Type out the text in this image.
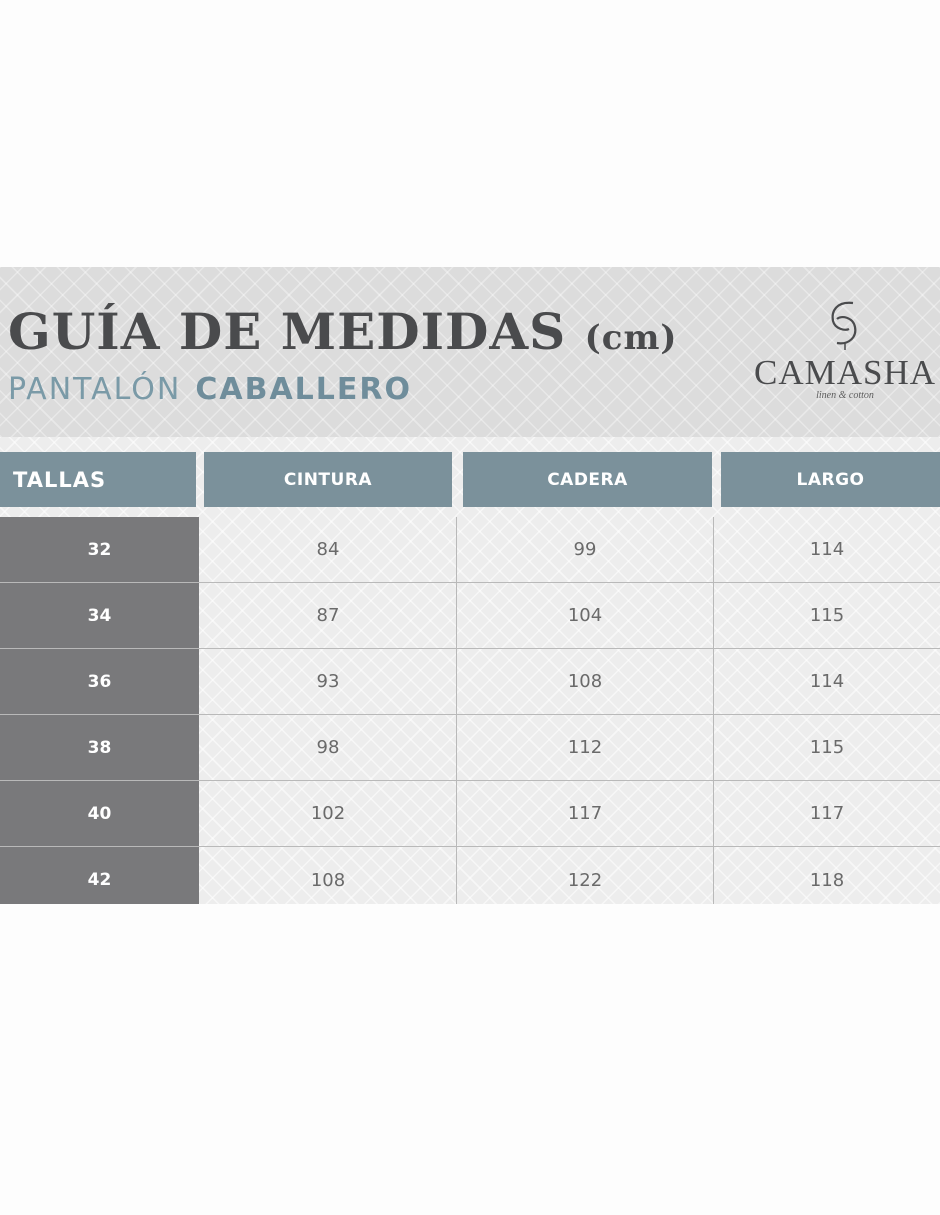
GUÍA DE MEDIDAS (cm)
PANTALÓN CABALLERO	CAMASHA
linen & cotton
TALLAS	CINTURA	CADERA	LARGO
32	84	99	114
34	87	104	115
36	93	108	114
38	98	112	115
40	102	117	117
42	108	122	118
